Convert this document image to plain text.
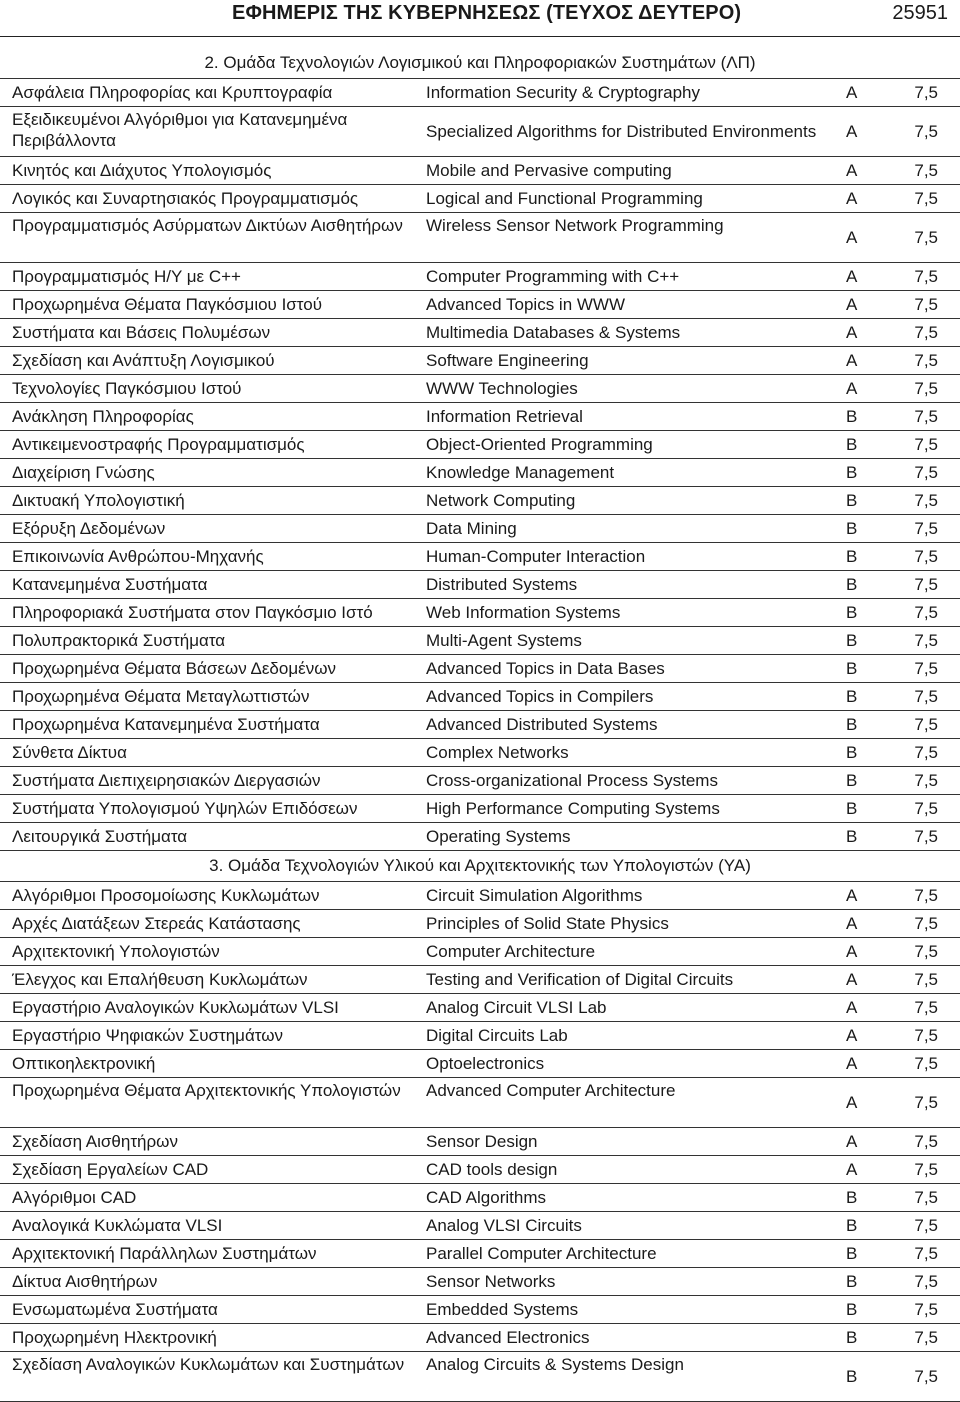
ΕΦΗΜΕΡΙΣ ΤΗΣ ΚΥΒΕΡΝΗΣΕΩΣ (ΤΕΥΧΟΣ ΔΕΥΤΕΡΟ)	25951
2. Ομάδα Τεχνολογιών Λογισμικού και Πληροφοριακών Συστημάτων (ΛΠ)
Ασφάλεια Πληροφορίας και Κρυπτογραφία	Information Security & Cryptography	A	7,5
Εξειδικευμένοι Αλγόριθμοι για Κατανεμημένα Περιβάλλοντα	Specialized Algorithms for Distributed Environments	A	7,5
Κινητός και Διάχυτος Υπολογισμός	Mobile and Pervasive computing	A	7,5
Λογικός και Συναρτησιακός Προγραμματισμός	Logical and Functional Programming	A	7,5
Προγραμματισμός Ασύρματων Δικτύων Αισθητήρων	Wireless Sensor Network Programming	A	7,5
Προγραμματισμός Η/Υ με C++	Computer Programming with C++	A	7,5
Προχωρημένα Θέματα Παγκόσμιου Ιστού	Advanced Topics in WWW	A	7,5
Συστήματα και Βάσεις Πολυμέσων	Multimedia Databases & Systems	A	7,5
Σχεδίαση και Ανάπτυξη Λογισμικού	Software Engineering	A	7,5
Τεχνολογίες Παγκόσμιου Ιστού	WWW Technologies	A	7,5
Ανάκληση Πληροφορίας	Information Retrieval	B	7,5
Αντικειμενοστραφής Προγραμματισμός	Object-Oriented Programming	B	7,5
Διαχείριση Γνώσης	Knowledge Management	B	7,5
Δικτυακή Υπολογιστική	Network Computing	B	7,5
Εξόρυξη Δεδομένων	Data Mining	B	7,5
Επικοινωνία Ανθρώπου-Μηχανής	Human-Computer Interaction	B	7,5
Κατανεμημένα Συστήματα	Distributed Systems	B	7,5
Πληροφοριακά Συστήματα στον Παγκόσμιο Ιστό	Web Information Systems	B	7,5
Πολυπρακτορικά Συστήματα	Multi-Agent Systems	B	7,5
Προχωρημένα Θέματα Βάσεων Δεδομένων	Advanced Topics in Data Bases	B	7,5
Προχωρημένα Θέματα Μεταγλωττιστών	Advanced Topics in Compilers	B	7,5
Προχωρημένα Κατανεμημένα Συστήματα	Advanced Distributed Systems	B	7,5
Σύνθετα Δίκτυα	Complex Networks	B	7,5
Συστήματα Διεπιχειρησιακών Διεργασιών	Cross-organizational Process Systems	B	7,5
Συστήματα Υπολογισμού Υψηλών Επιδόσεων	High Performance Computing Systems	B	7,5
Λειτουργικά Συστήματα	Operating Systems	B	7,5
3. Ομάδα Τεχνολογιών Υλικού και Αρχιτεκτονικής των Υπολογιστών (ΥΑ)
Αλγόριθμοι Προσομοίωσης Κυκλωμάτων	Circuit Simulation Algorithms	A	7,5
Αρχές Διατάξεων Στερεάς Κατάστασης	Principles of Solid State Physics	A	7,5
Αρχιτεκτονική Υπολογιστών	Computer Architecture	A	7,5
Έλεγχος και Επαλήθευση Κυκλωμάτων	Testing and Verification of Digital Circuits	A	7,5
Εργαστήριο Αναλογικών Κυκλωμάτων VLSI	Analog Circuit VLSI Lab	A	7,5
Εργαστήριο Ψηφιακών Συστημάτων	Digital Circuits Lab	A	7,5
Οπτικοηλεκτρονική	Optoelectronics	A	7,5
Προχωρημένα Θέματα Αρχιτεκτονικής Υπολογιστών	Advanced Computer Architecture	A	7,5
Σχεδίαση Αισθητήρων	Sensor Design	A	7,5
Σχεδίαση Εργαλείων CAD	CAD tools design	A	7,5
Αλγόριθμοι CAD	CAD Algorithms	B	7,5
Αναλογικά Κυκλώματα VLSI	Analog VLSI Circuits	B	7,5
Αρχιτεκτονική Παράλληλων Συστημάτων	Parallel Computer Architecture	B	7,5
Δίκτυα Αισθητήρων	Sensor Networks	B	7,5
Ενσωματωμένα Συστήματα	Embedded Systems	B	7,5
Προχωρημένη Ηλεκτρονική	Advanced Electronics	B	7,5
Σχεδίαση Αναλογικών Κυκλωμάτων και Συστημάτων	Analog Circuits & Systems Design	B	7,5
